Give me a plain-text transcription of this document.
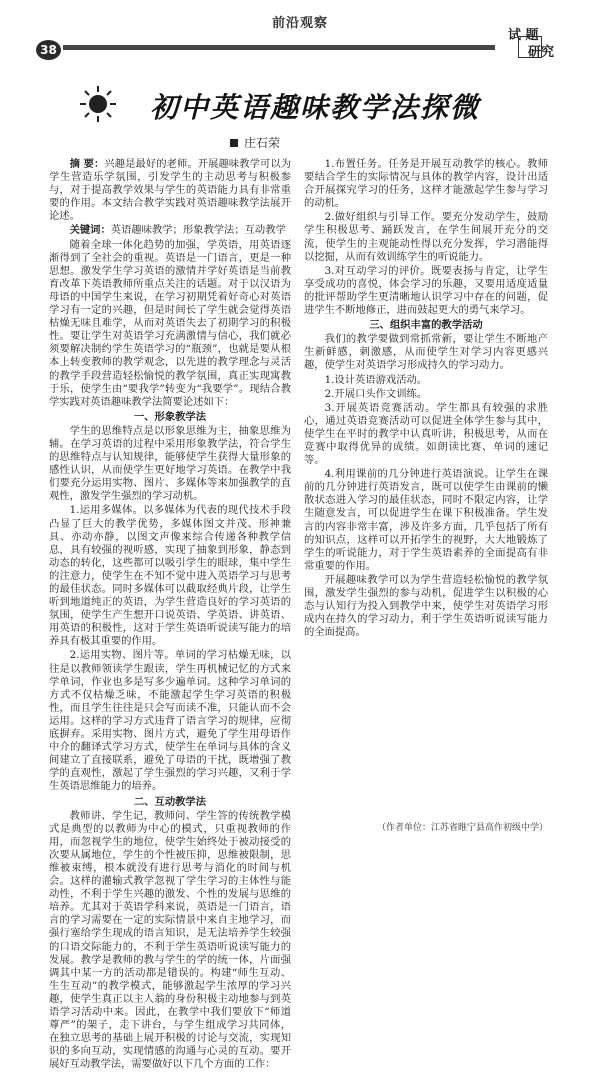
38
前沿观察
试 题
研究
初中英语趣味教学法探微
庄石荣

摘 要：兴趣是最好的老师。开展趣味教学可以为学生营造乐学氛围，引发学生的主动思考与积极参与，对于提高教学效果与学生的英语能力具有非常重要的作用。本文结合教学实践对英语趣味教学法展开论述。

关键词：英语趣味教学；形象教学法；互动教学

随着全球一体化趋势的加强，学英语，用英语逐渐得到了全社会的重视。英语是一门语言，更是一种思想。激发学生学习英语的激情并学好英语是当前教育改革下英语教师所重点关注的话题。对于以汉语为母语的中国学生来说，在学习初期凭着好奇心对英语学习有一定的兴趣，但是时间长了学生就会觉得英语枯燥无味且难学，从而对英语失去了初期学习的积极性。要让学生对英语学习充满激情与信心，我们就必须要解决制约学生英语学习的“瓶颈”，也就是要从根本上转变教师的教学观念，以先进的教学理念与灵活的教学手段营造轻松愉悦的教学氛围，真正实现寓教于乐，使学生由“要我学”转变为“我要学”。现结合教学实践对英语趣味教学法简要论述如下：

一、形象教学法

学生的思维特点是以形象思维为主，抽象思维为辅。在学习英语的过程中采用形象教学法，符合学生的思维特点与认知规律，能够使学生获得大量形象的感性认识，从而使学生更好地学习英语。在教学中我们要充分运用实物、图片、多媒体等来加强教学的直观性，激发学生强烈的学习动机。

1.运用多媒体。以多媒体为代表的现代技术手段凸显了巨大的教学优势，多媒体图文并茂、形神兼具、亦动亦静，以图文声像来综合传递各种教学信息，具有较强的视听感，实现了抽象到形象，静态到动态的转化，这些都可以吸引学生的眼球，集中学生的注意力，使学生在不知不觉中进入英语学习与思考的最佳状态。同时多媒体可以截取经典片段，让学生听到地道纯正的英语，为学生营造良好的学习英语的氛围，使学生产生想开口说英语、学英语、讲英语、用英语的积极性，这对于学生英语听说读写能力的培养具有极其重要的作用。

2.运用实物、图片等。单词的学习枯燥无味，以往是以教师领读学生跟读，学生再机械记忆的方式来学单词，作业也多是写多少遍单词。这种学习单词的方式不仅枯燥乏味，不能激起学生学习英语的积极性，而且学生往往是只会写而读不准，只能认而不会运用。这样的学习方式违背了语言学习的规律，应彻底摒弃。采用实物、图片方式，避免了学生用母语作中介的翻译式学习方式，使学生在单词与具体的含义间建立了直接联系，避免了母语的干扰，既增强了教学的直观性，激起了学生强烈的学习兴趣，又利于学生英语思维能力的培养。

二、互动教学法

教师讲、学生记，教师问、学生答的传统教学模式是典型的以教师为中心的模式，只重视教师的作用，而忽视学生的地位，使学生始终处于被动接受的次要从属地位，学生的个性被压抑，思维被限制，思维被束缚，根本就没有进行思考与消化的时间与机会。这样的灌输式教学忽视了学生学习的主体性与能动性，不利于学生兴趣的激发、个性的发展与思维的培养。尤其对于英语学科来说，英语是一门语言，语言的学习需要在一定的实际情景中来自主地学习，而强行塞给学生现成的语言知识，是无法培养学生较强的口语交际能力的，不利于学生英语听说读写能力的发展。教学是教师的教与学生的学的统一体，片面强调其中某一方的活动都是错误的。构建“师生互动、生生互动”的教学模式，能够激起学生浓厚的学习兴趣，使学生真正以主人翁的身份积极主动地参与到英语学习活动中来。因此，在教学中我们要放下“师道尊严”的架子，走下讲台，与学生组成学习共同体，在独立思考的基础上展开积极的讨论与交流，实现知识的多向互动，实现情感的沟通与心灵的互动。要开展好互动教学法，需要做好以下几个方面的工作：

1.布置任务。任务是开展互动教学的核心。教师要结合学生的实际情况与具体的教学内容，设计出适合开展探究学习的任务，这样才能激起学生参与学习的动机。

2.做好组织与引导工作。要充分发动学生，鼓励学生积极思考、踊跃发言，在学生间展开充分的交流，使学生的主观能动性得以充分发挥，学习潜能得以挖掘，从而有效训练学生的听说能力。

3.对互动学习的评价。既要表扬与肯定，让学生享受成功的喜悦，体会学习的乐趣，又要用适度适量的批评帮助学生更清晰地认识学习中存在的问题，促进学生不断地修正，进而鼓起更大的勇气来学习。

三、组织丰富的教学活动

我们的教学要做到常抓常新，要让学生不断地产生新鲜感，刺激感，从而使学生对学习内容更感兴趣，使学生对英语学习形成持久的学习动力。

1.设计英语游戏活动。

2.开展口头作文训练。

3.开展英语竞赛活动。学生都具有较强的求胜心，通过英语竞赛活动可以促进全体学生参与其中，使学生在平时的教学中认真听讲，积极思考，从而在竞赛中取得优异的成绩。如朗读比赛、单词的速记等。

4.利用课前的几分钟进行英语演说。让学生在课前的几分钟进行英语发言，既可以使学生由课前的懒散状态进入学习的最佳状态，同时不限定内容，让学生随意发言，可以促进学生在课下积极准备。学生发言的内容非常丰富，涉及许多方面，几乎包括了所有的知识点，这样可以开拓学生的视野，大大地锻炼了学生的听说能力，对于学生英语素养的全面提高有非常重要的作用。

开展趣味教学可以为学生营造轻松愉悦的教学氛围，激发学生强烈的参与动机，促进学生以积极的心态与认知行为投入到教学中来，使学生对英语学习形成内在持久的学习动力，利于学生英语听说读写能力的全面提高。

（作者单位：江苏省睢宁县高作初级中学）
